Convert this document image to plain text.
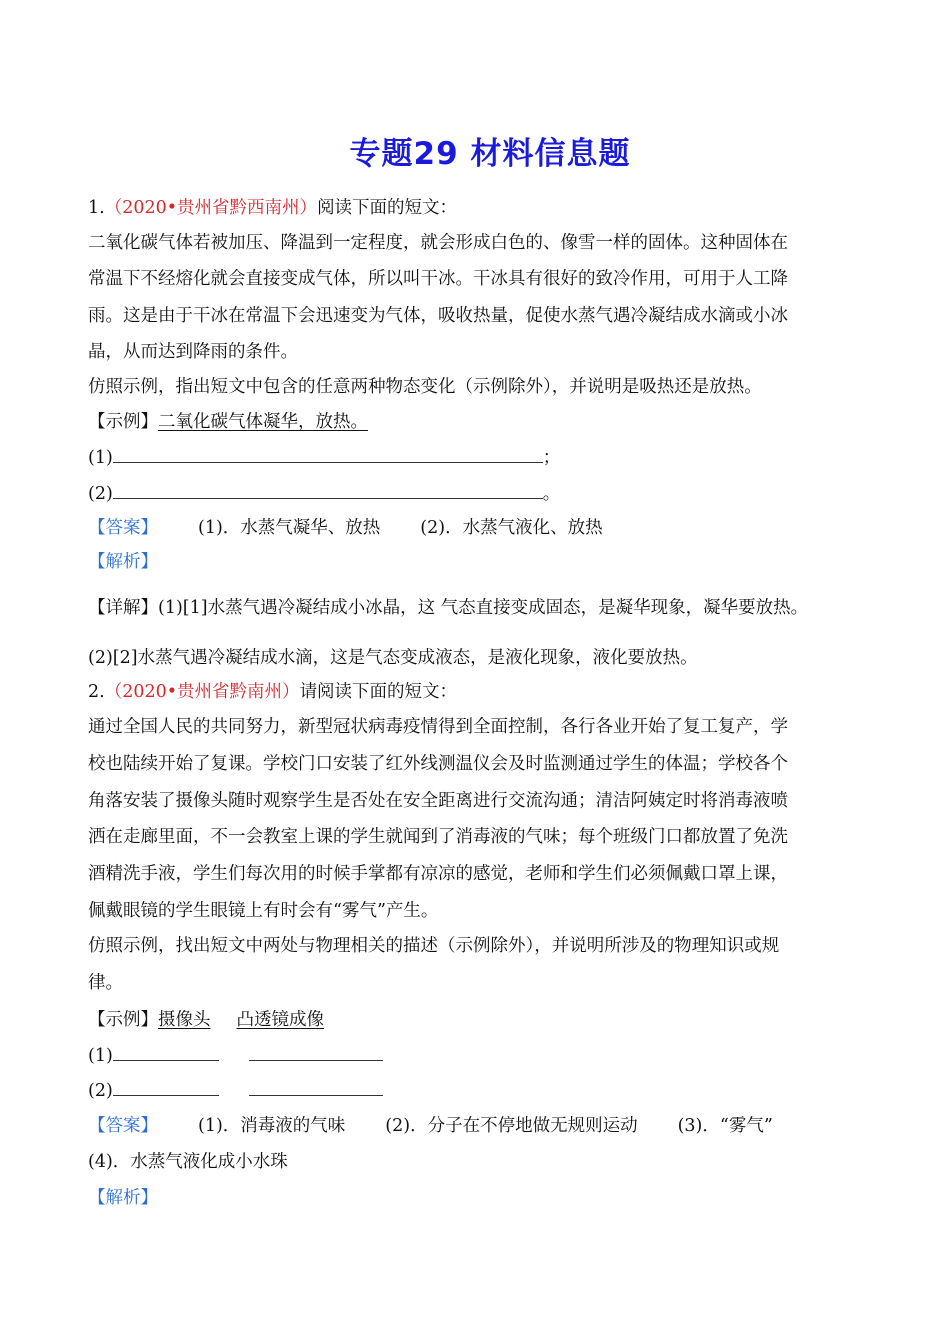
专题29 材料信息题
1.（2020•贵州省黔西南州）阅读下面的短文：
二氧化碳气体若被加压、降温到一定程度，就会形成白色的、像雪一样的固体。这种固体在
常温下不经熔化就会直接变成气体，所以叫干冰。干冰具有很好的致冷作用，可用于人工降
雨。这是由于干冰在常温下会迅速变为气体，吸收热量，促使水蒸气遇冷凝结成水滴或小冰
晶，从而达到降雨的条件。
仿照示例，指出短文中包含的任意两种物态变化（示例除外），并说明是吸热还是放热。
【示例】二氧化碳气体凝华，放热。
(1)	；
(2)	。
【答案】 (1)．水蒸气凝华、放热 (2)．水蒸气液化、放热
【解析】
【详解】(1)[1]水蒸气遇冷凝结成小冰晶，这 气态直接变成固态，是凝华现象，凝华要放热。
(2)[2]水蒸气遇冷凝结成水滴，这是气态变成液态，是液化现象，液化要放热。
2.（2020•贵州省黔南州）请阅读下面的短文：
通过全国人民的共同努力，新型冠状病毒疫情得到全面控制，各行各业开始了复工复产，学
校也陆续开始了复课。学校门口安装了红外线测温仪会及时监测通过学生的体温；学校各个
角落安装了摄像头随时观察学生是否处在安全距离进行交流沟通；清洁阿姨定时将消毒液喷
洒在走廊里面，不一会教室上课的学生就闻到了消毒液的气味；每个班级门口都放置了免洗
酒精洗手液，学生们每次用的时候手掌都有凉凉的感觉，老师和学生们必须佩戴口罩上课，
佩戴眼镜的学生眼镜上有时会有“雾气”产生。
仿照示例，找出短文中两处与物理相关的描述（示例除外），并说明所涉及的物理知识或规
律。
【示例】摄像头 凸透镜成像
(1)
(2)
【答案】 (1)．消毒液的气味 (2)．分子在不停地做无规则运动 (3)．“雾气”
(4)．水蒸气液化成小水珠
【解析】
